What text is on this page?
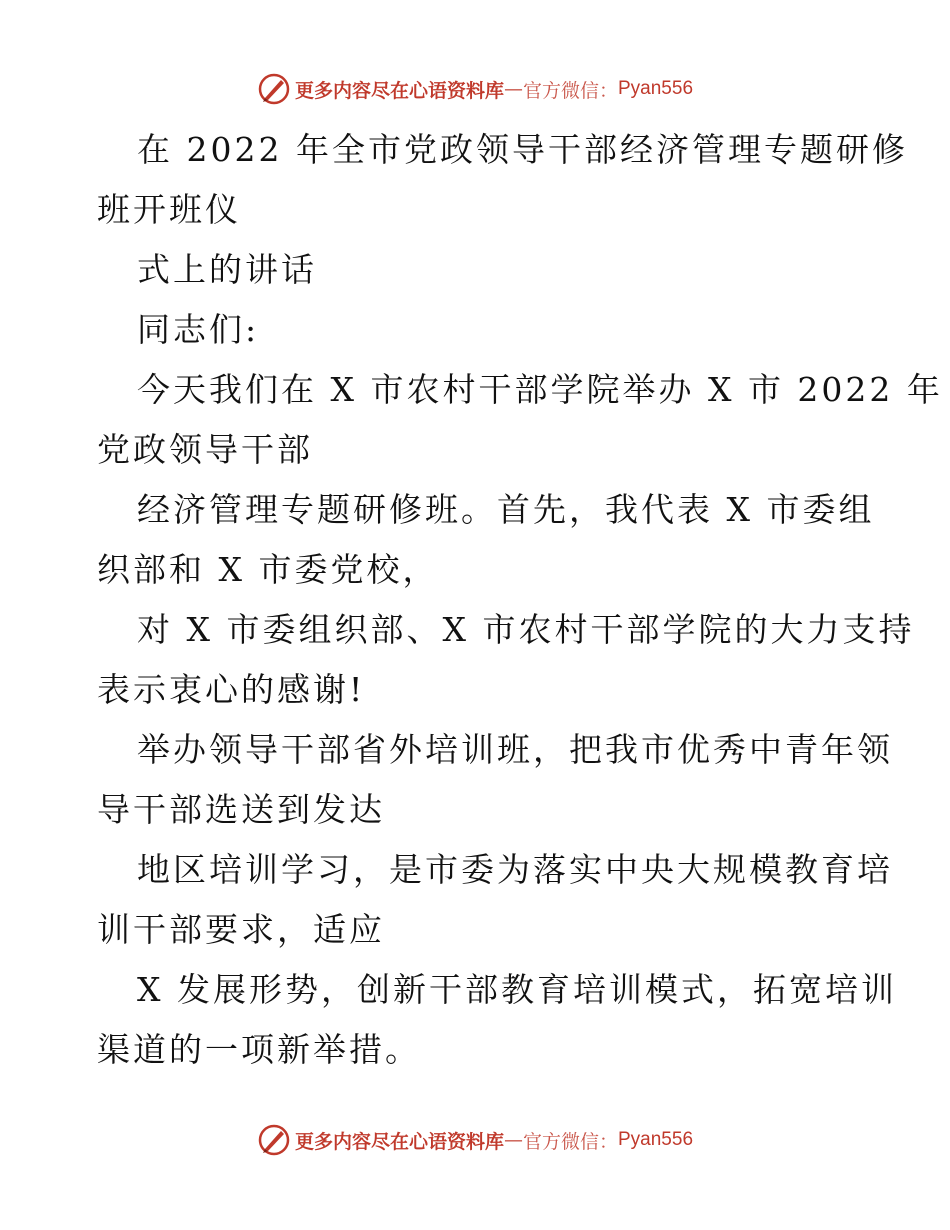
更多内容尽在心语资料库 — 官方微信： Pyan556
在 2022 年全市党政领导干部经济管理专题研修
班开班仪
式上的讲话
同志们:
今天我们在 X 市农村干部学院举办 X 市 2022 年
党政领导干部
经济管理专题研修班。首先，我代表 X 市委组
织部和 X 市委党校，
对 X 市委组织部、X 市农村干部学院的大力支持
表示衷心的感谢!
举办领导干部省外培训班，把我市优秀中青年领
导干部选送到发达
地区培训学习，是市委为落实中央大规模教育培
训干部要求，适应
X 发展形势，创新干部教育培训模式，拓宽培训
渠道的一项新举措。
更多内容尽在心语资料库 — 官方微信： Pyan556
